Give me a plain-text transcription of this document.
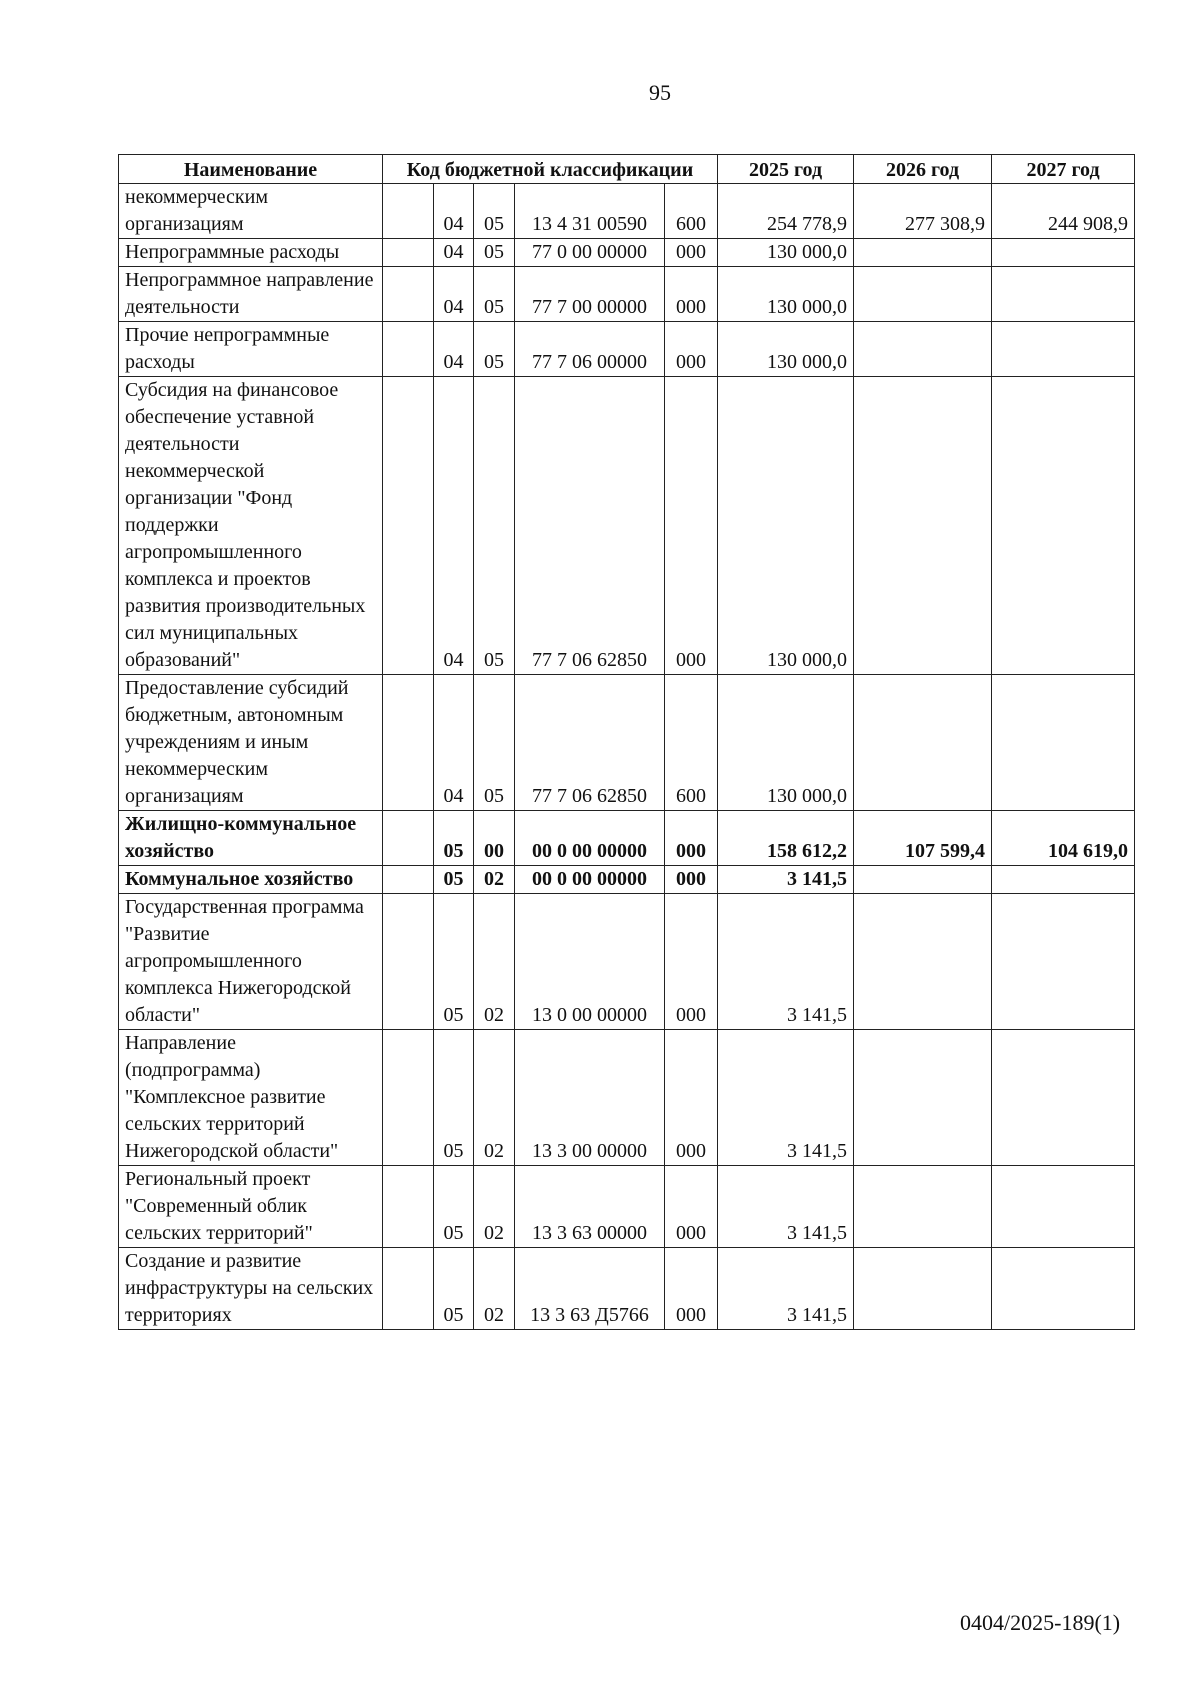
95
Наименование	Код бюджетной классификации					2025 год	2026 год	2027 год
некоммерческим организациям		04	05	13 4 31 00590	600	254 778,9	277 308,9	244 908,9
Непрограммные расходы		04	05	77 0 00 00000	000	130 000,0		
Непрограммное направление деятельности		04	05	77 7 00 00000	000	130 000,0		
Прочие непрограммные расходы		04	05	77 7 06 00000	000	130 000,0		
Субсидия на финансовое обеспечение уставной деятельности некоммерческой организации "Фонд поддержки агропромышленного комплекса и проектов развития производительных сил муниципальных образований"		04	05	77 7 06 62850	000	130 000,0		
Предоставление субсидий бюджетным, автономным учреждениям и иным некоммерческим организациям		04	05	77 7 06 62850	600	130 000,0		
Жилищно-коммунальное хозяйство		05	00	00 0 00 00000	000	158 612,2	107 599,4	104 619,0
Коммунальное хозяйство		05	02	00 0 00 00000	000	3 141,5		
Государственная программа "Развитие агропромышленного комплекса Нижегородской области"		05	02	13 0 00 00000	000	3 141,5		
Направление (подпрограмма) "Комплексное развитие сельских территорий Нижегородской области"		05	02	13 3 00 00000	000	3 141,5		
Региональный проект "Современный облик сельских территорий"		05	02	13 3 63 00000	000	3 141,5		
Создание и развитие инфраструктуры на сельских территориях		05	02	13 3 63 Д5766	000	3 141,5		
0404/2025-189(1)
